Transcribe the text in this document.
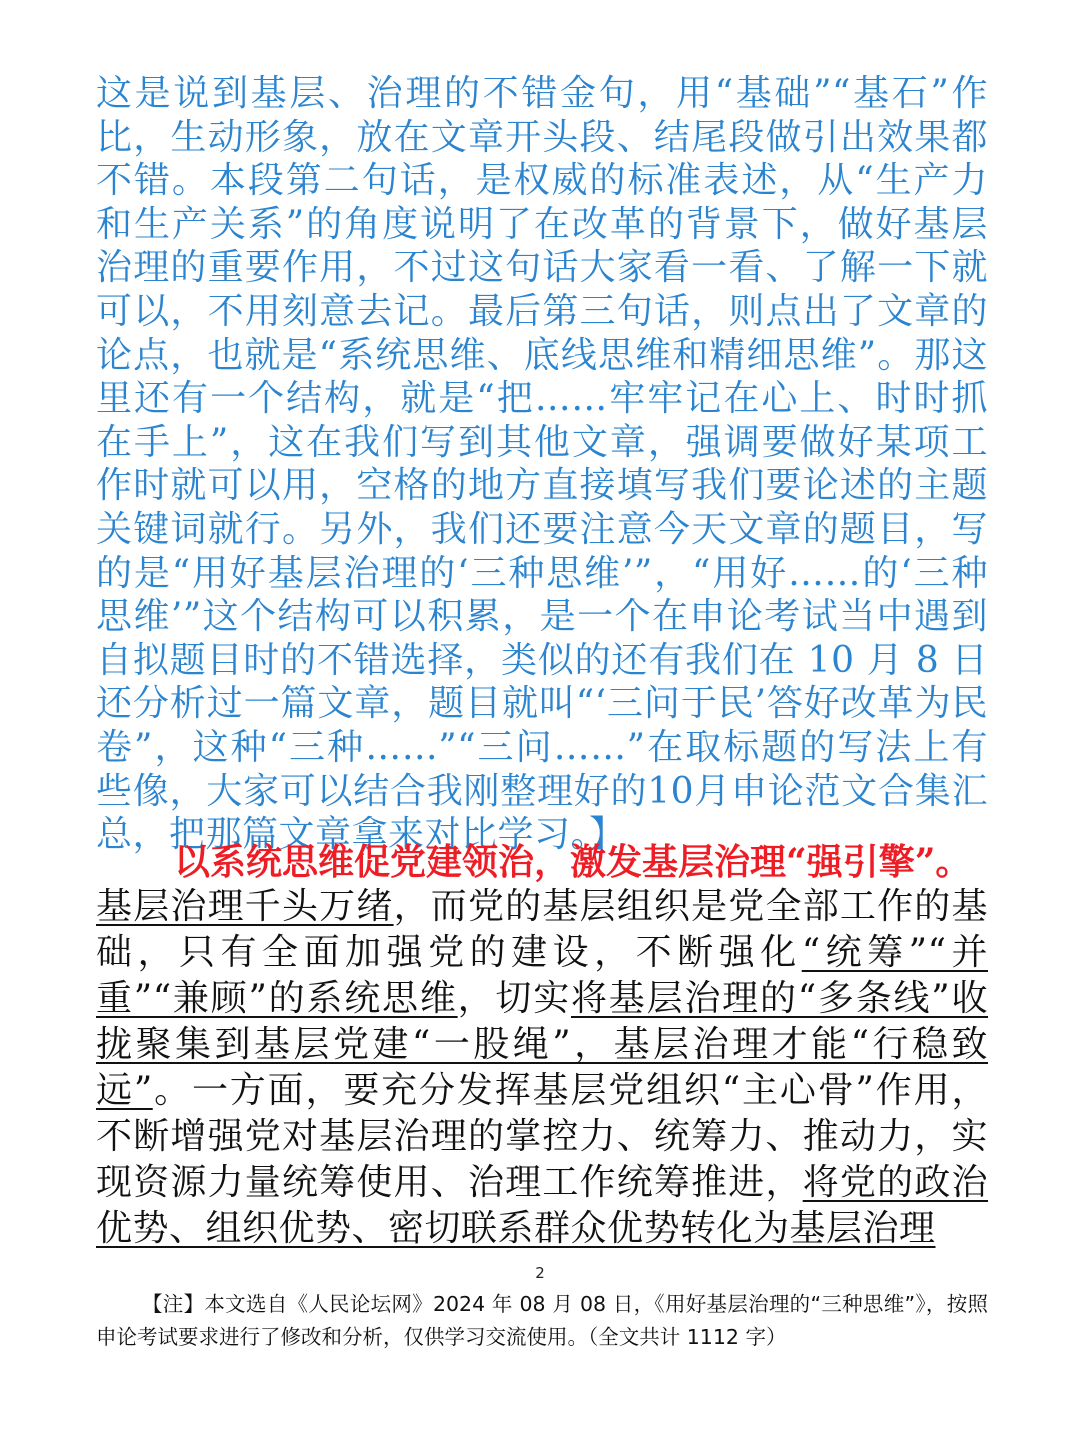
这是说到基层、治理的不错金句，用“基础”“基石”作比，生动形象，放在文章开头段、结尾段做引出效果都不错。本段第二句话，是权威的标准表述，从“生产力和生产关系”的角度说明了在改革的背景下，做好基层治理的重要作用，不过这句话大家看一看、了解一下就可以，不用刻意去记。最后第三句话，则点出了文章的论点，也就是“系统思维、底线思维和精细思维”。那这里还有一个结构，就是“把……牢牢记在心上、时时抓在手上”，这在我们写到其他文章，强调要做好某项工作时就可以用，空格的地方直接填写我们要论述的主题关键词就行。另外，我们还要注意今天文章的题目，写的是“用好基层治理的‘三种思维’”，“用好……的‘三种思维’”这个结构可以积累，是一个在申论考试当中遇到自拟题目时的不错选择，类似的还有我们在 10 月 8 日还分析过一篇文章，题目就叫“‘三问于民’答好改革为民卷”，这种“三种……”“三问……”在取标题的写法上有些像，大家可以结合我刚整理好的10月申论范文合集汇总，把那篇文章拿来对比学习。】

以系统思维促党建领治，激发基层治理“强引擎”。

基层治理千头万绪，而党的基层组织是党全部工作的基础，只有全面加强党的建设，不断强化“统筹”“并重”“兼顾”的系统思维，切实将基层治理的“多条线”收拢聚集到基层党建“一股绳”，基层治理才能“行稳致远”。一方面，要充分发挥基层党组织“主心骨”作用，不断增强党对基层治理的掌控力、统筹力、推动力，实现资源力量统筹使用、治理工作统筹推进，将党的政治优势、组织优势、密切联系群众优势转化为基层治理

2

【注】本文选自《人民论坛网》2024 年 08 月 08 日，《用好基层治理的“三种思维”》，按照申论考试要求进行了修改和分析，仅供学习交流使用。（全文共计 1112 字）
